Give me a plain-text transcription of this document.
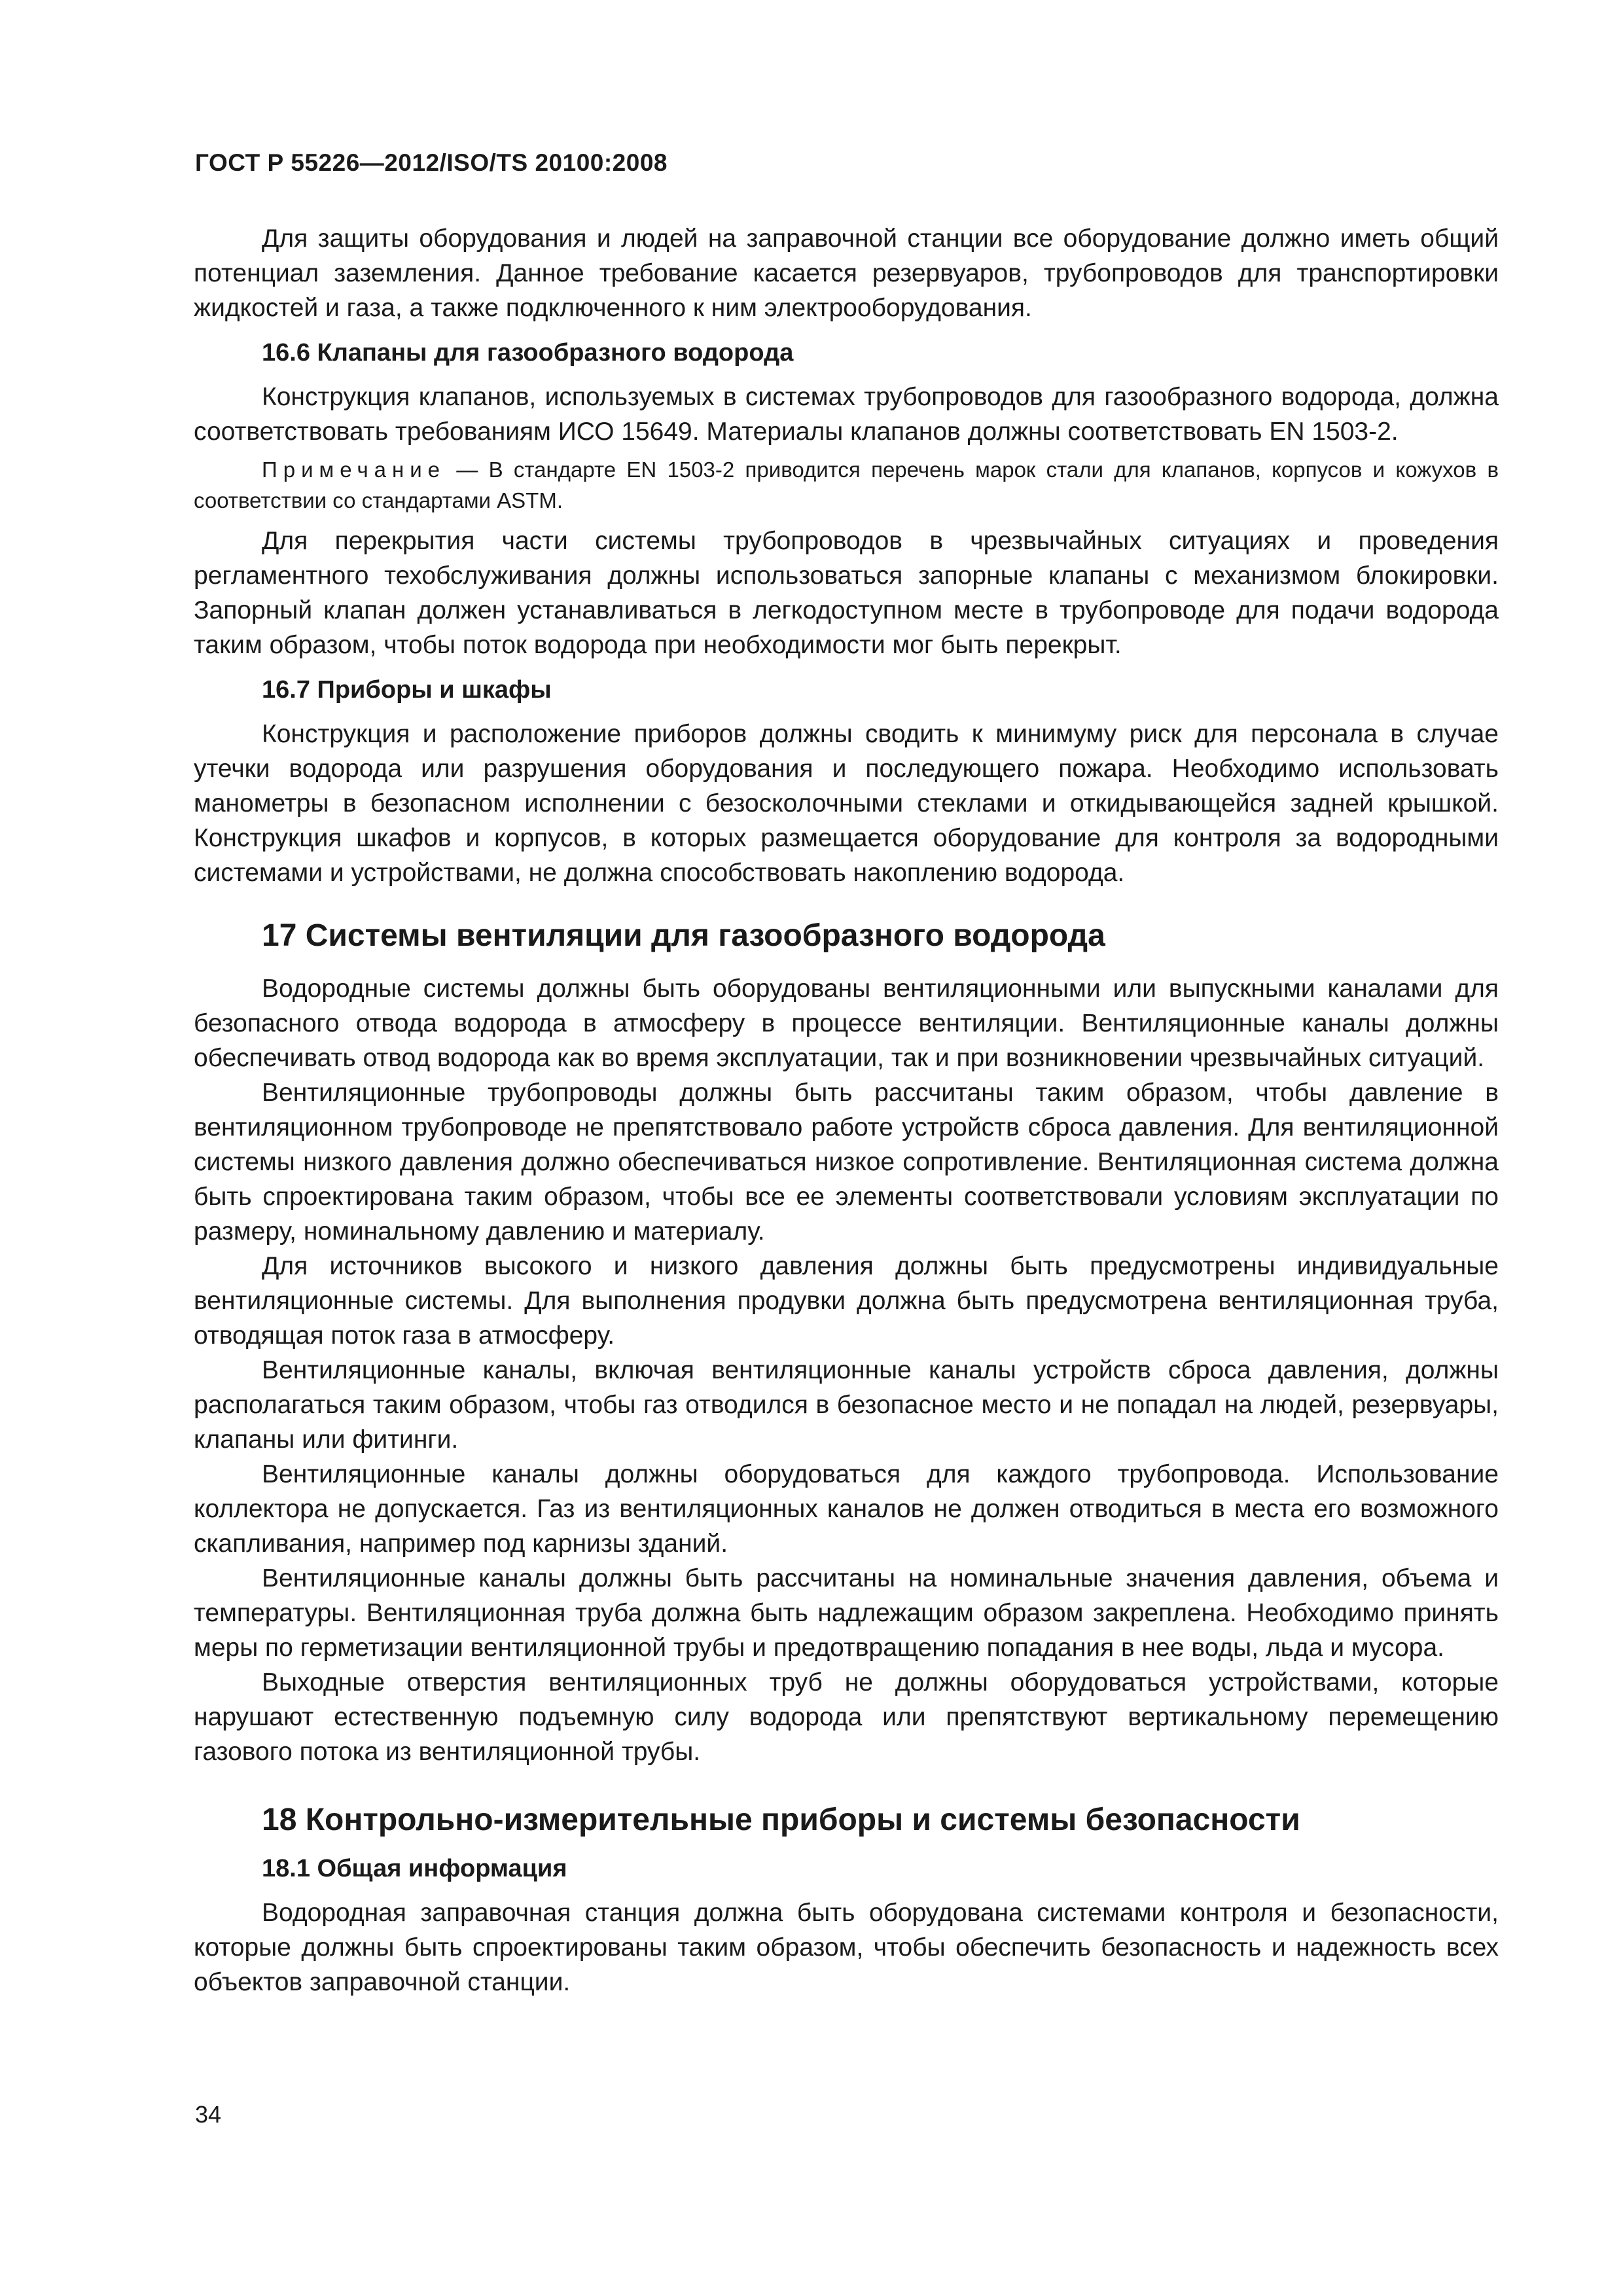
ГОСТ Р 55226—2012/ISO/TS 20100:2008

Для защиты оборудования и людей на заправочной станции все оборудование должно иметь общий потенциал заземления. Данное требование касается резервуаров, трубопроводов для транспортировки жидкостей и газа, а также подключенного к ним электрооборудования.

16.6 Клапаны для газообразного водорода

Конструкция клапанов, используемых в системах трубопроводов для газообразного водорода, должна соответствовать требованиям ИСО 15649. Материалы клапанов должны соответствовать EN 1503-2.

Примечание — В стандарте EN 1503-2 приводится перечень марок стали для клапанов, корпусов и кожухов в соответствии со стандартами ASTM.

Для перекрытия части системы трубопроводов в чрезвычайных ситуациях и проведения регламентного техобслуживания должны использоваться запорные клапаны с механизмом блокировки. Запорный клапан должен устанавливаться в легкодоступном месте в трубопроводе для подачи водорода таким образом, чтобы поток водорода при необходимости мог быть перекрыт.

16.7 Приборы и шкафы

Конструкция и расположение приборов должны сводить к минимуму риск для персонала в случае утечки водорода или разрушения оборудования и последующего пожара. Необходимо использовать манометры в безопасном исполнении с безосколочными стеклами и откидывающейся задней крышкой. Конструкция шкафов и корпусов, в которых размещается оборудование для контроля за водородными системами и устройствами, не должна способствовать накоплению водорода.

17 Системы вентиляции для газообразного водорода

Водородные системы должны быть оборудованы вентиляционными или выпускными каналами для безопасного отвода водорода в атмосферу в процессе вентиляции. Вентиляционные каналы должны обеспечивать отвод водорода как во время эксплуатации, так и при возникновении чрезвычайных ситуаций.

Вентиляционные трубопроводы должны быть рассчитаны таким образом, чтобы давление в вентиляционном трубопроводе не препятствовало работе устройств сброса давления. Для вентиляционной системы низкого давления должно обеспечиваться низкое сопротивление. Вентиляционная система должна быть спроектирована таким образом, чтобы все ее элементы соответствовали условиям эксплуатации по размеру, номинальному давлению и материалу.

Для источников высокого и низкого давления должны быть предусмотрены индивидуальные вентиляционные системы. Для выполнения продувки должна быть предусмотрена вентиляционная труба, отводящая поток газа в атмосферу.

Вентиляционные каналы, включая вентиляционные каналы устройств сброса давления, должны располагаться таким образом, чтобы газ отводился в безопасное место и не попадал на людей, резервуары, клапаны или фитинги.

Вентиляционные каналы должны оборудоваться для каждого трубопровода. Использование коллектора не допускается. Газ из вентиляционных каналов не должен отводиться в места его возможного скапливания, например под карнизы зданий.

Вентиляционные каналы должны быть рассчитаны на номинальные значения давления, объема и температуры. Вентиляционная труба должна быть надлежащим образом закреплена. Необходимо принять меры по герметизации вентиляционной трубы и предотвращению попадания в нее воды, льда и мусора.

Выходные отверстия вентиляционных труб не должны оборудоваться устройствами, которые нарушают естественную подъемную силу водорода или препятствуют вертикальному перемещению газового потока из вентиляционной трубы.

18 Контрольно-измерительные приборы и системы безопасности
18.1 Общая информация

Водородная заправочная станция должна быть оборудована системами контроля и безопасности, которые должны быть спроектированы таким образом, чтобы обеспечить безопасность и надежность всех объектов заправочной станции.

34
